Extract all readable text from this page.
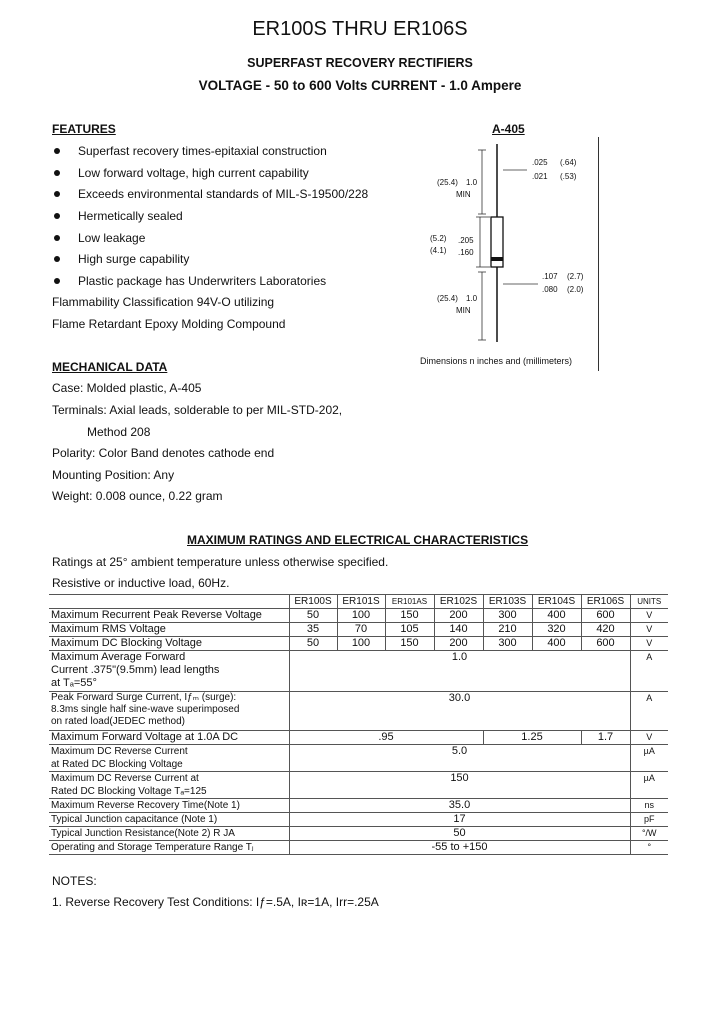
ER100S THRU ER106S
SUPERFAST RECOVERY RECTIFIERS
VOLTAGE - 50 to 600 Volts CURRENT - 1.0 Ampere
FEATURES
Superfast recovery times-epitaxial construction
Low forward voltage, high current capability
Exceeds environmental standards of MIL-S-19500/228
Hermetically sealed
Low leakage
High surge capability
Plastic package has Underwriters Laboratories
Flammability Classification 94V-O utilizing
Flame Retardant Epoxy Molding Compound
A-405
(25.4) 1.0
MIN
.025 (.64)
.021 (.53)
(5.2) .205
(4.1) .160
.107 (2.7)
.080 (2.0)
(25.4) 1.0
MIN
Dimensions n inches and (millimeters)
MECHANICAL DATA
Case: Molded plastic, A-405
Terminals: Axial leads, solderable to per MIL-STD-202,
Method 208
Polarity: Color Band denotes cathode end
Mounting Position: Any
Weight: 0.008 ounce, 0.22 gram
MAXIMUM RATINGS AND ELECTRICAL CHARACTERISTICS
Ratings at 25° ambient temperature unless otherwise specified.
Resistive or inductive load, 60Hz.
	ER100S	ER101S	ER101AS	ER102S	ER103S	ER104S	ER106S	UNITS
Maximum Recurrent Peak Reverse Voltage	50	100	150	200	300	400	600	V
Maximum RMS Voltage	35	70	105	140	210	320	420	V
Maximum DC Blocking Voltage	50	100	150	200	300	400	600	V

Maximum Average Forward
Current .375"(9.5mm) lead lengths
at Tₐ=55°	1.0							A

Peak Forward Surge Current, Iƒₘ (surge):
8.3ms single half sine-wave superimposed
on rated load(JEDEC method)	30.0							A
Maximum Forward Voltage at 1.0A DC	.95				1.25		1.7	V

Maximum DC Reverse Current
at Rated DC Blocking Voltage	5.0							µA

Maximum DC Reverse Current at
Rated DC Blocking Voltage Tₐ=125	150							µA
Maximum Reverse Recovery Time(Note 1)	35.0							ns
Typical Junction capacitance (Note 1)	17							pF
Typical Junction Resistance(Note 2) R JA	50							°/W
Operating and Storage Temperature Range Tⱼ	-55 to +150							°
NOTES:
1. Reverse Recovery Test Conditions: Iƒ=.5A, Iʀ=1A, Irr=.25A
